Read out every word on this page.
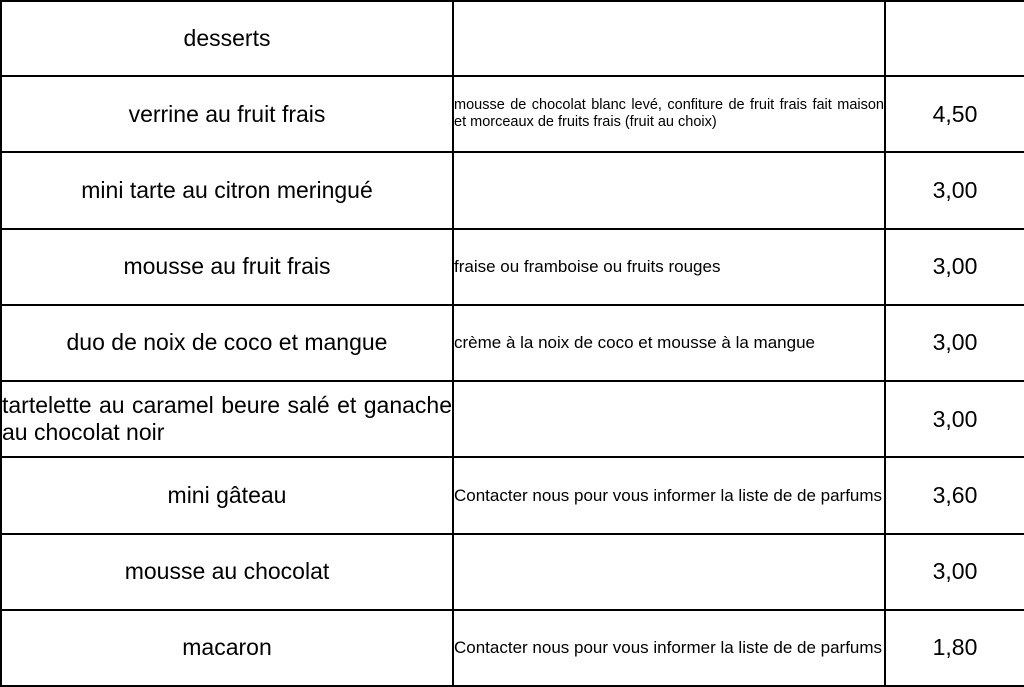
desserts		
verrine au fruit frais	mousse de chocolat blanc levé, confiture de fruit frais fait maison et morceaux de fruits frais (fruit au choix)	4,50
mini tarte au citron meringué		3,00
mousse au fruit frais	fraise ou framboise ou fruits rouges	3,00
duo de noix de coco et mangue	crème à la noix de coco et mousse à la mangue	3,00
tartelette au caramel beure salé et ganache au chocolat noir		3,00
mini gâteau	Contacter nous pour vous informer la liste de de parfums	3,60
mousse au chocolat		3,00
macaron	Contacter nous pour vous informer la liste de de parfums	1,80
